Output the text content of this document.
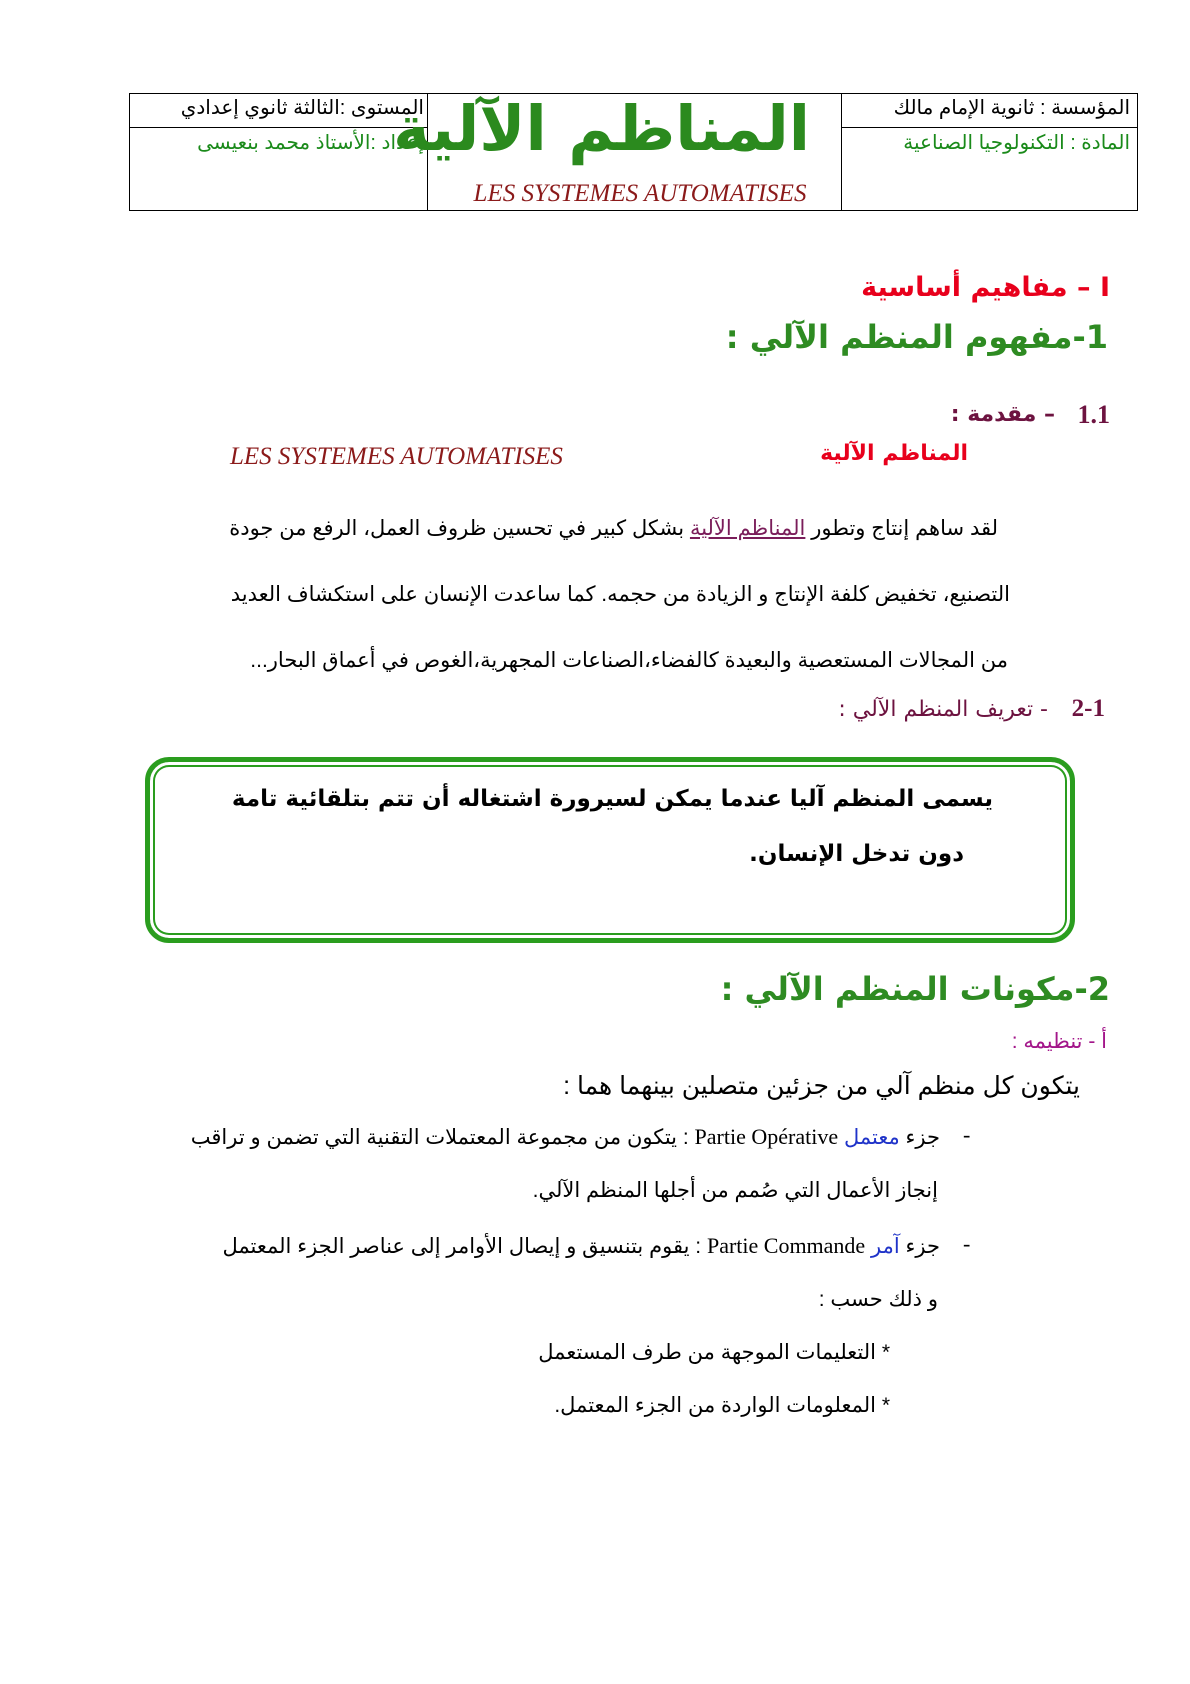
المؤسسة : ثانوية الإمام مالك
المادة : التكنولوجيا الصناعية
المستوى :الثالثة ثانوي إعدادي
إعداد :الأستاذ محمد بنعيسى
المناظم الآلية
LES SYSTEMES AUTOMATISES
I – مفاهيم أساسية
1-مفهوم المنظم الآلي :
1.1
– مقدمة :
المناظم الآلية
LES SYSTEMES AUTOMATISES
لقد ساهم إنتاج وتطور المناظم الآلية بشكل كبير في تحسين ظروف العمل، الرفع من جودة
التصنيع، تخفيض كلفة الإنتاج و الزيادة من حجمه. كما ساعدت الإنسان على استكشاف العديد
من المجالات المستعصية والبعيدة كالفضاء،الصناعات المجهرية،الغوص في أعماق البحار...
2-1
- تعريف المنظم الآلي :
يسمى المنظم آليا عندما يمكن لسيرورة اشتغاله أن تتم بتلقائية تامة
دون تدخل الإنسان.
2-مكونات المنظم الآلي :
أ - تنظيمه :
يتكون كل منظم آلي من جزئين متصلين بينهما هما :
-
جزء معتمل Partie Opérative : يتكون من مجموعة المعتملات التقنية التي تضمن و تراقب
إنجاز الأعمال التي صُمم من أجلها المنظم الآلي.
-
جزء آمر Partie Commande : يقوم بتنسيق و إيصال الأوامر إلى عناصر الجزء المعتمل
و ذلك حسب :
* التعليمات الموجهة من طرف المستعمل
* المعلومات الواردة من الجزء المعتمل.
